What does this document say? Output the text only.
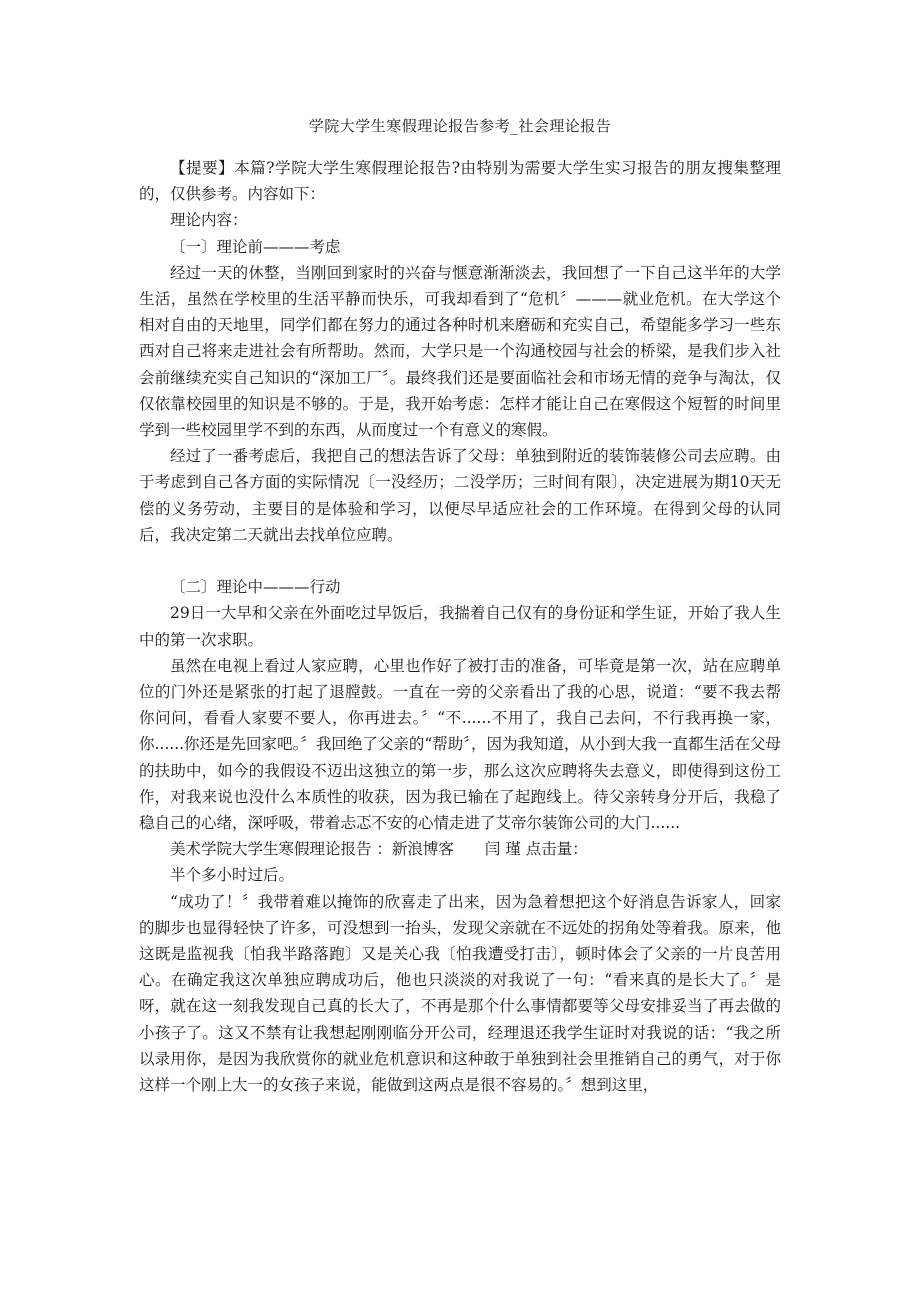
学院大学生寒假理论报告参考_社会理论报告

【提要】本篇?学院大学生寒假理论报告?由特别为需要大学生实习报告的朋友搜集整理的，仅供参考。内容如下：

理论内容：

〔一〕理论前———考虑

经过一天的休整，当刚回到家时的兴奋与惬意渐渐淡去，我回想了一下自己这半年的大学生活，虽然在学校里的生活平静而快乐，可我却看到了“危机〞———就业危机。在大学这个相对自由的天地里，同学们都在努力的通过各种时机来磨砺和充实自己，希望能多学习一些东西对自己将来走进社会有所帮助。然而，大学只是一个沟通校园与社会的桥梁，是我们步入社会前继续充实自己知识的“深加工厂〞。最终我们还是要面临社会和市场无情的竞争与淘汰，仅仅依靠校园里的知识是不够的。于是，我开始考虑：怎样才能让自己在寒假这个短暂的时间里学到一些校园里学不到的东西，从而度过一个有意义的寒假。

经过了一番考虑后，我把自己的想法告诉了父母：单独到附近的装饰装修公司去应聘。由于考虑到自己各方面的实际情况〔一没经历；二没学历；三时间有限〕，决定进展为期10天无偿的义务劳动，主要目的是体验和学习，以便尽早适应社会的工作环境。在得到父母的认同后，我决定第二天就出去找单位应聘。

〔二〕理论中———行动

29日一大早和父亲在外面吃过早饭后，我揣着自己仅有的身份证和学生证，开始了我人生中的第一次求职。

虽然在电视上看过人家应聘，心里也作好了被打击的准备，可毕竟是第一次，站在应聘单位的门外还是紧张的打起了退膛鼓。一直在一旁的父亲看出了我的心思，说道：“要不我去帮你问问，看看人家要不要人，你再进去。〞“不......不用了，我自己去问，不行我再换一家，你......你还是先回家吧。〞我回绝了父亲的“帮助〞，因为我知道，从小到大我一直都生活在父母的扶助中，如今的我假设不迈出这独立的第一步，那么这次应聘将失去意义，即使得到这份工作，对我来说也没什么本质性的收获，因为我已输在了起跑线上。待父亲转身分开后，我稳了稳自己的心绪，深呼吸，带着忐忑不安的心情走进了艾帝尔装饰公司的大门......

美术学院大学生寒假理论报告 ：新浪博客　　闫 瑾 点击量：

半个多小时过后。

“成功了！〞我带着难以掩饰的欣喜走了出来，因为急着想把这个好消息告诉家人，回家的脚步也显得轻快了许多，可没想到一抬头，发现父亲就在不远处的拐角处等着我。原来，他这既是监视我〔怕我半路落跑〕又是关心我〔怕我遭受打击〕，顿时体会了父亲的一片良苦用心。在确定我这次单独应聘成功后，他也只淡淡的对我说了一句：“看来真的是长大了。〞是呀，就在这一刻我发现自己真的长大了，不再是那个什么事情都要等父母安排妥当了再去做的小孩子了。这又不禁有让我想起刚刚临分开公司，经理退还我学生证时对我说的话：“我之所以录用你，是因为我欣赏你的就业危机意识和这种敢于单独到社会里推销自己的勇气，对于你这样一个刚上大一的女孩子来说，能做到这两点是很不容易的。〞想到这里，
